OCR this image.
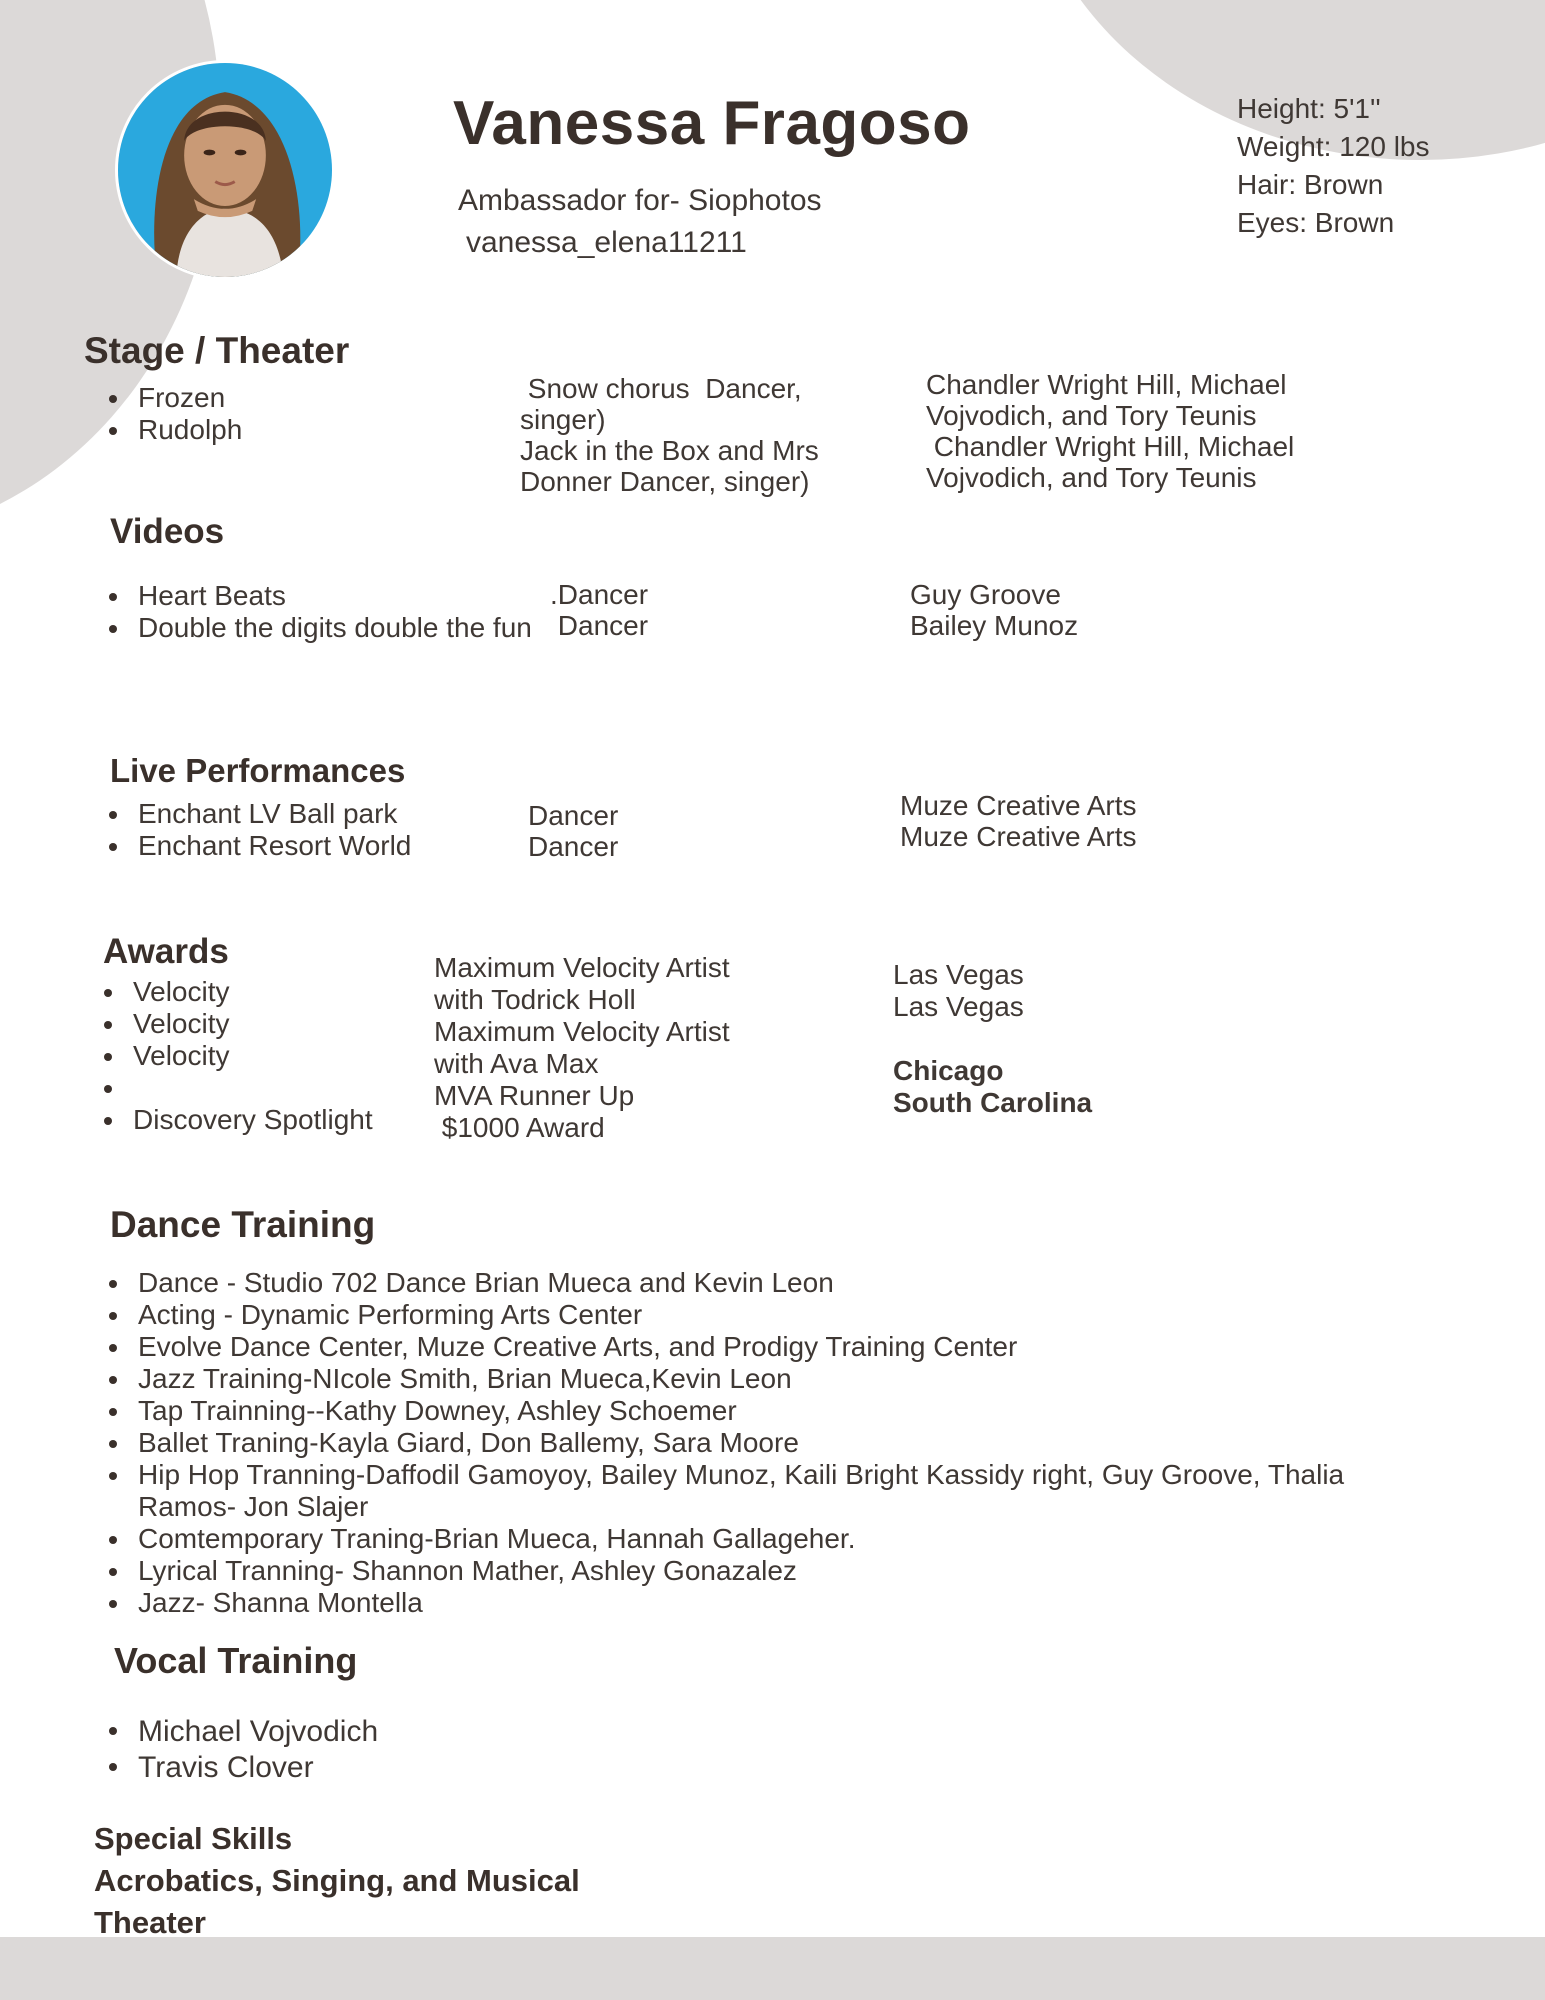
Vanessa Fragoso
Ambassador for- Siophotos
vanessa_elena11211
Height: 5'1''
Weight: 120 lbs
Hair: Brown
Eyes: Brown
Stage / Theater
Frozen
Rudolph
Snow chorus  Dancer,
singer)
Jack in the Box and Mrs
Donner Dancer, singer)
Chandler Wright Hill, Michael
Vojvodich, and Tory Teunis
Chandler Wright Hill, Michael
Vojvodich, and Tory Teunis
Videos
Heart Beats
Double the digits double the fun
.Dancer
Dancer
Guy Groove
Bailey Munoz
Live Performances
Enchant LV Ball park
Enchant Resort World
Dancer
Dancer
Muze Creative Arts
Muze Creative Arts
Awards
Velocity
Velocity
Velocity
Discovery Spotlight
Maximum Velocity Artist
with Todrick Holl
Maximum Velocity Artist
with Ava Max
MVA Runner Up
$1000 Award
Las Vegas
Las Vegas
Chicago
South Carolina
Dance Training
Dance - Studio 702 Dance Brian Mueca and Kevin Leon
Acting - Dynamic Performing Arts Center
Evolve Dance Center, Muze Creative Arts, and Prodigy Training Center
Jazz Training-NIcole Smith, Brian Mueca,Kevin Leon
Tap Trainning--Kathy Downey, Ashley Schoemer
Ballet Traning-Kayla Giard, Don Ballemy, Sara Moore
Hip Hop Tranning-Daffodil Gamoyoy, Bailey Munoz, Kaili Bright Kassidy right, Guy Groove, Thalia Ramos- Jon Slajer
Comtemporary Traning-Brian Mueca, Hannah Gallageher.
Lyrical Tranning- Shannon Mather, Ashley Gonazalez
Jazz- Shanna Montella
Vocal Training
Michael Vojvodich
Travis Clover
Special Skills
Acrobatics, Singing, and Musical
Theater
